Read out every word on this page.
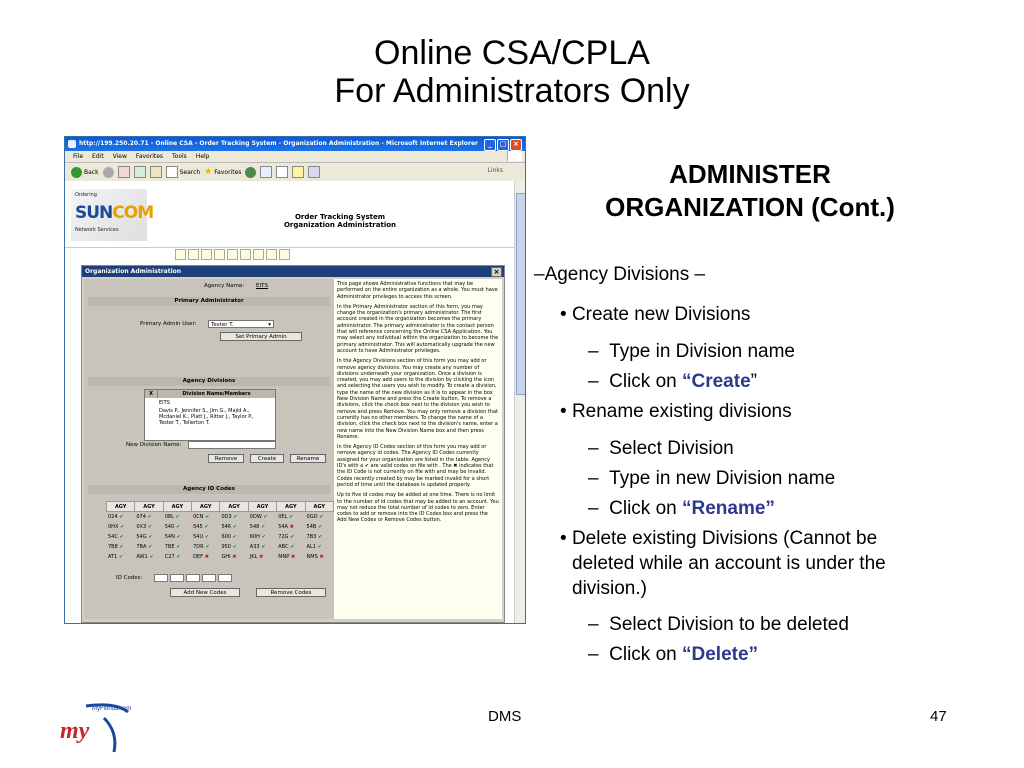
Online CSA/CPLA
For Administrators Only
http://199.250.20.71 - Online CSA - Order Tracking System - Organization Administration - Microsoft Internet Explorer	_	□ ×
File Edit View Favorites Tools Help
Back	Search ★ Favorites	Links
Ordering
SUNCOM
Network Services
Order Tracking System
Organization Administration
Organization Administration	×
Agency Name: EITS
Primary Administrator
Primary Admin User:	Tester T.	▾
Set Primary Admin
Agency Divisions
X	Division Name/Members
EITS
Davis P., Jennifer S., Jim G., Majid A., Mcdaniel K., Platt J., Ritter J., Taylor P., Tester T., Tollerton T.
New Division Name:
Remove	Create	Rename
Agency ID Codes
AGY	AGY	AGY	AGY	AGY	AGY	AGY	AGY
024 ✔	074 ✔	08L ✔	0CN ✔	0D3 ✔	0DW ✔	0EL ✔	0GD ✔
0HX ✔	0X3 ✔	540 ✔	545 ✔	546 ✔	548 ✔	54A ✖	54B ✔
54C ✔	54G ✔	54N ✔	54U ✔	600 ✔	60H ✔	72G ✔	7B3 ✔
7B8 ✔	7BA ✔	7BE ✔	7DR ✔	950 ✔	A33 ✔	ABC ✔	AL1 ✔
AT1 ✔	AW1 ✔	C27 ✔	DEF ✖	GHI ✖	JKL ✖	MNP ✖	NMS ✖
ID Codes:
Add New Codes	Remove Codes

This page shows Administrative functions that may be performed on the entire organization as a whole. You must have Administrator privileges to access this screen.

In the Primary Administrator section of this form, you may change the organization's primary administrator. The first account created in the organization becomes the primary administrator. The primary administrator is the contact person that will reference concerning the Online CSA Application. You may select any individual within the organization to become the primary administrator. This will automatically upgrade the new account to have Administrator privileges.

In the Agency Divisions section of this form you may add or remove agency divisions. You may create any number of divisions underneath your organization. Once a division is created, you may add users to the division by clicking the icon and selecting the users you wish to modify. To create a division, type the name of the new division as it is to appear in the box New Division Name and press the Create button. To remove a divisions, click the check box next to the division you wish to remove and press Remove. You may only remove a division that currently has no other members. To change the name of a division, click the check box next to the division's name, enter a new name into the New Division Name box and then press Rename.

In the Agency ID Codes section of this form you may add or remove agency id codes. The Agency ID Codes currently assigned for your organization are listed in the table. Agency ID's with a ✔ are valid codes on file with . The ✖ indicates that the ID Code is not currently on file with and may be invalid. Codes recently created by may be marked invalid for a short period of time until the database is updated properly.

Up to five id codes may be added at one time. There is no limit to the number of id codes that may be added to an account. You may not reduce the total number of id codes to zero. Enter codes to add or remove into the ID Codes box and press the Add New Codes or Remove Codes button.

ADMINISTER
ORGANIZATION (Cont.)
–Agency Divisions –
• Create new Divisions
– Type in Division name
– Click on “Create”
• Rename existing divisions
– Select Division
– Type in new Division name
– Click on “Rename”
• Delete existing Divisions (Cannot be
deleted while an account is under the
division.)
– Select Division to be deleted
– Click on “Delete”
MyFlorida.com
my
DMS	47
